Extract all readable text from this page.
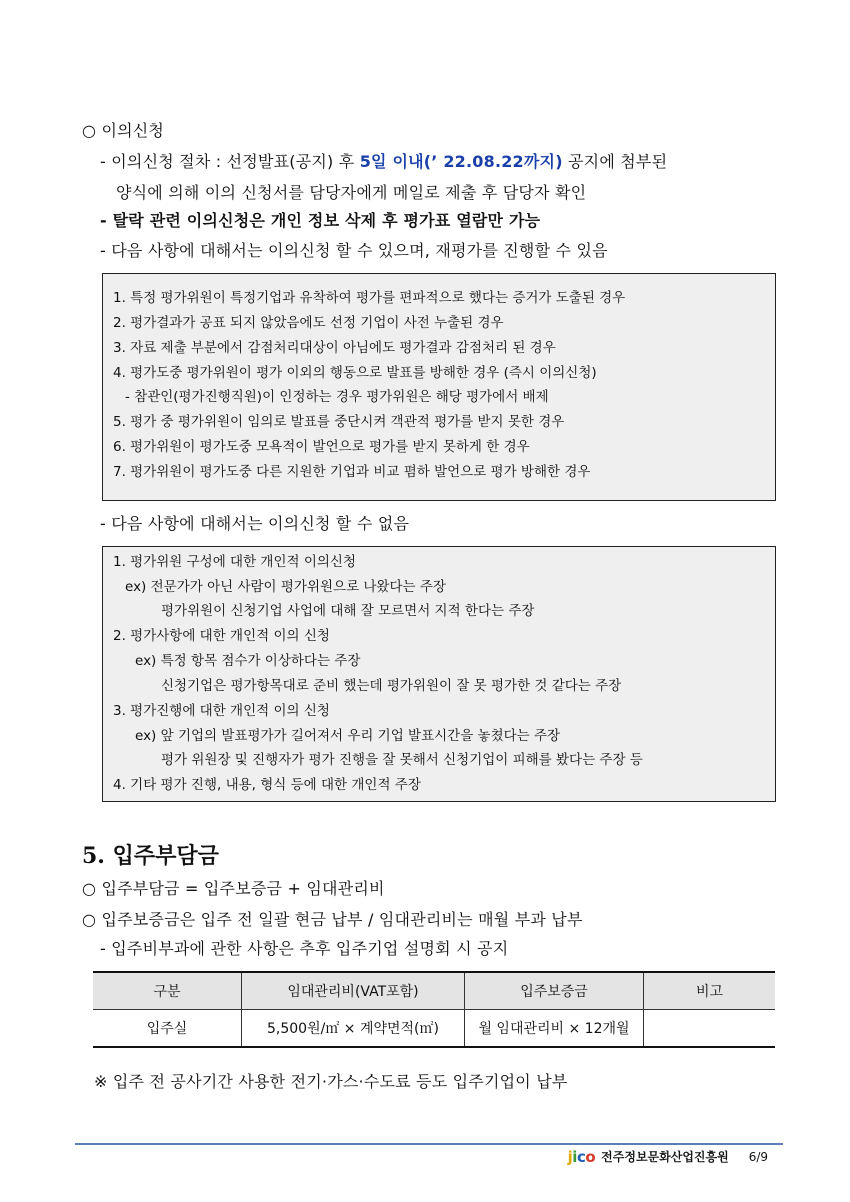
○ 이의신청
- 이의신청 절차 : 선정발표(공지) 후 5일 이내(’ 22.08.22까지) 공지에 첨부된
양식에 의해 이의 신청서를 담당자에게 메일로 제출 후 담당자 확인
- 탈락 관련 이의신청은 개인 정보 삭제 후 평가표 열람만 가능
- 다음 사항에 대해서는 이의신청 할 수 있으며, 재평가를 진행할 수 있음
1. 특정 평가위원이 특정기업과 유착하여 평가를 편파적으로 했다는 증거가 도출된 경우
2. 평가결과가 공표 되지 않았음에도 선정 기업이 사전 누출된 경우
3. 자료 제출 부분에서 감점처리대상이 아님에도 평가결과 감점처리 된 경우
4. 평가도중 평가위원이 평가 이외의 행동으로 발표를 방해한 경우 (즉시 이의신청)
- 참관인(평가진행직원)이 인정하는 경우 평가위원은 해당 평가에서 배제
5. 평가 중 평가위원이 임의로 발표를 중단시켜 객관적 평가를 받지 못한 경우
6. 평가위원이 평가도중 모욕적이 발언으로 평가를 받지 못하게 한 경우
7. 평가위원이 평가도중 다른 지원한 기업과 비교 폄하 발언으로 평가 방해한 경우
- 다음 사항에 대해서는 이의신청 할 수 없음
1. 평가위원 구성에 대한 개인적 이의신청
ex) 전문가가 아닌 사람이 평가위원으로 나왔다는 주장
평가위원이 신청기업 사업에 대해 잘 모르면서 지적 한다는 주장
2. 평가사항에 대한 개인적 이의 신청
ex) 특정 항목 점수가 이상하다는 주장
신청기업은 평가항목대로 준비 했는데 평가위원이 잘 못 평가한 것 같다는 주장
3. 평가진행에 대한 개인적 이의 신청
ex) 앞 기업의 발표평가가 길어져서 우리 기업 발표시간을 놓쳤다는 주장
평가 위원장 및 진행자가 평가 진행을 잘 못해서 신청기업이 피해를 봤다는 주장 등
4. 기타 평가 진행, 내용, 형식 등에 대한 개인적 주장
5. 입주부담금
○ 입주부담금 = 입주보증금 + 임대관리비
○ 입주보증금은 입주 전 일괄 현금 납부 / 임대관리비는 매월 부과 납부
- 입주비부과에 관한 사항은 추후 입주기업 설명회 시 공지
구분	임대관리비(VAT포함)	입주보증금	비고
입주실	5,500원/㎡ × 계약면적(㎡)	월 임대관리비 × 12개월	
※ 입주 전 공사기간 사용한 전기·가스·수도료 등도 입주기업이 납부
jico 전주정보문화산업진흥원 6/9
